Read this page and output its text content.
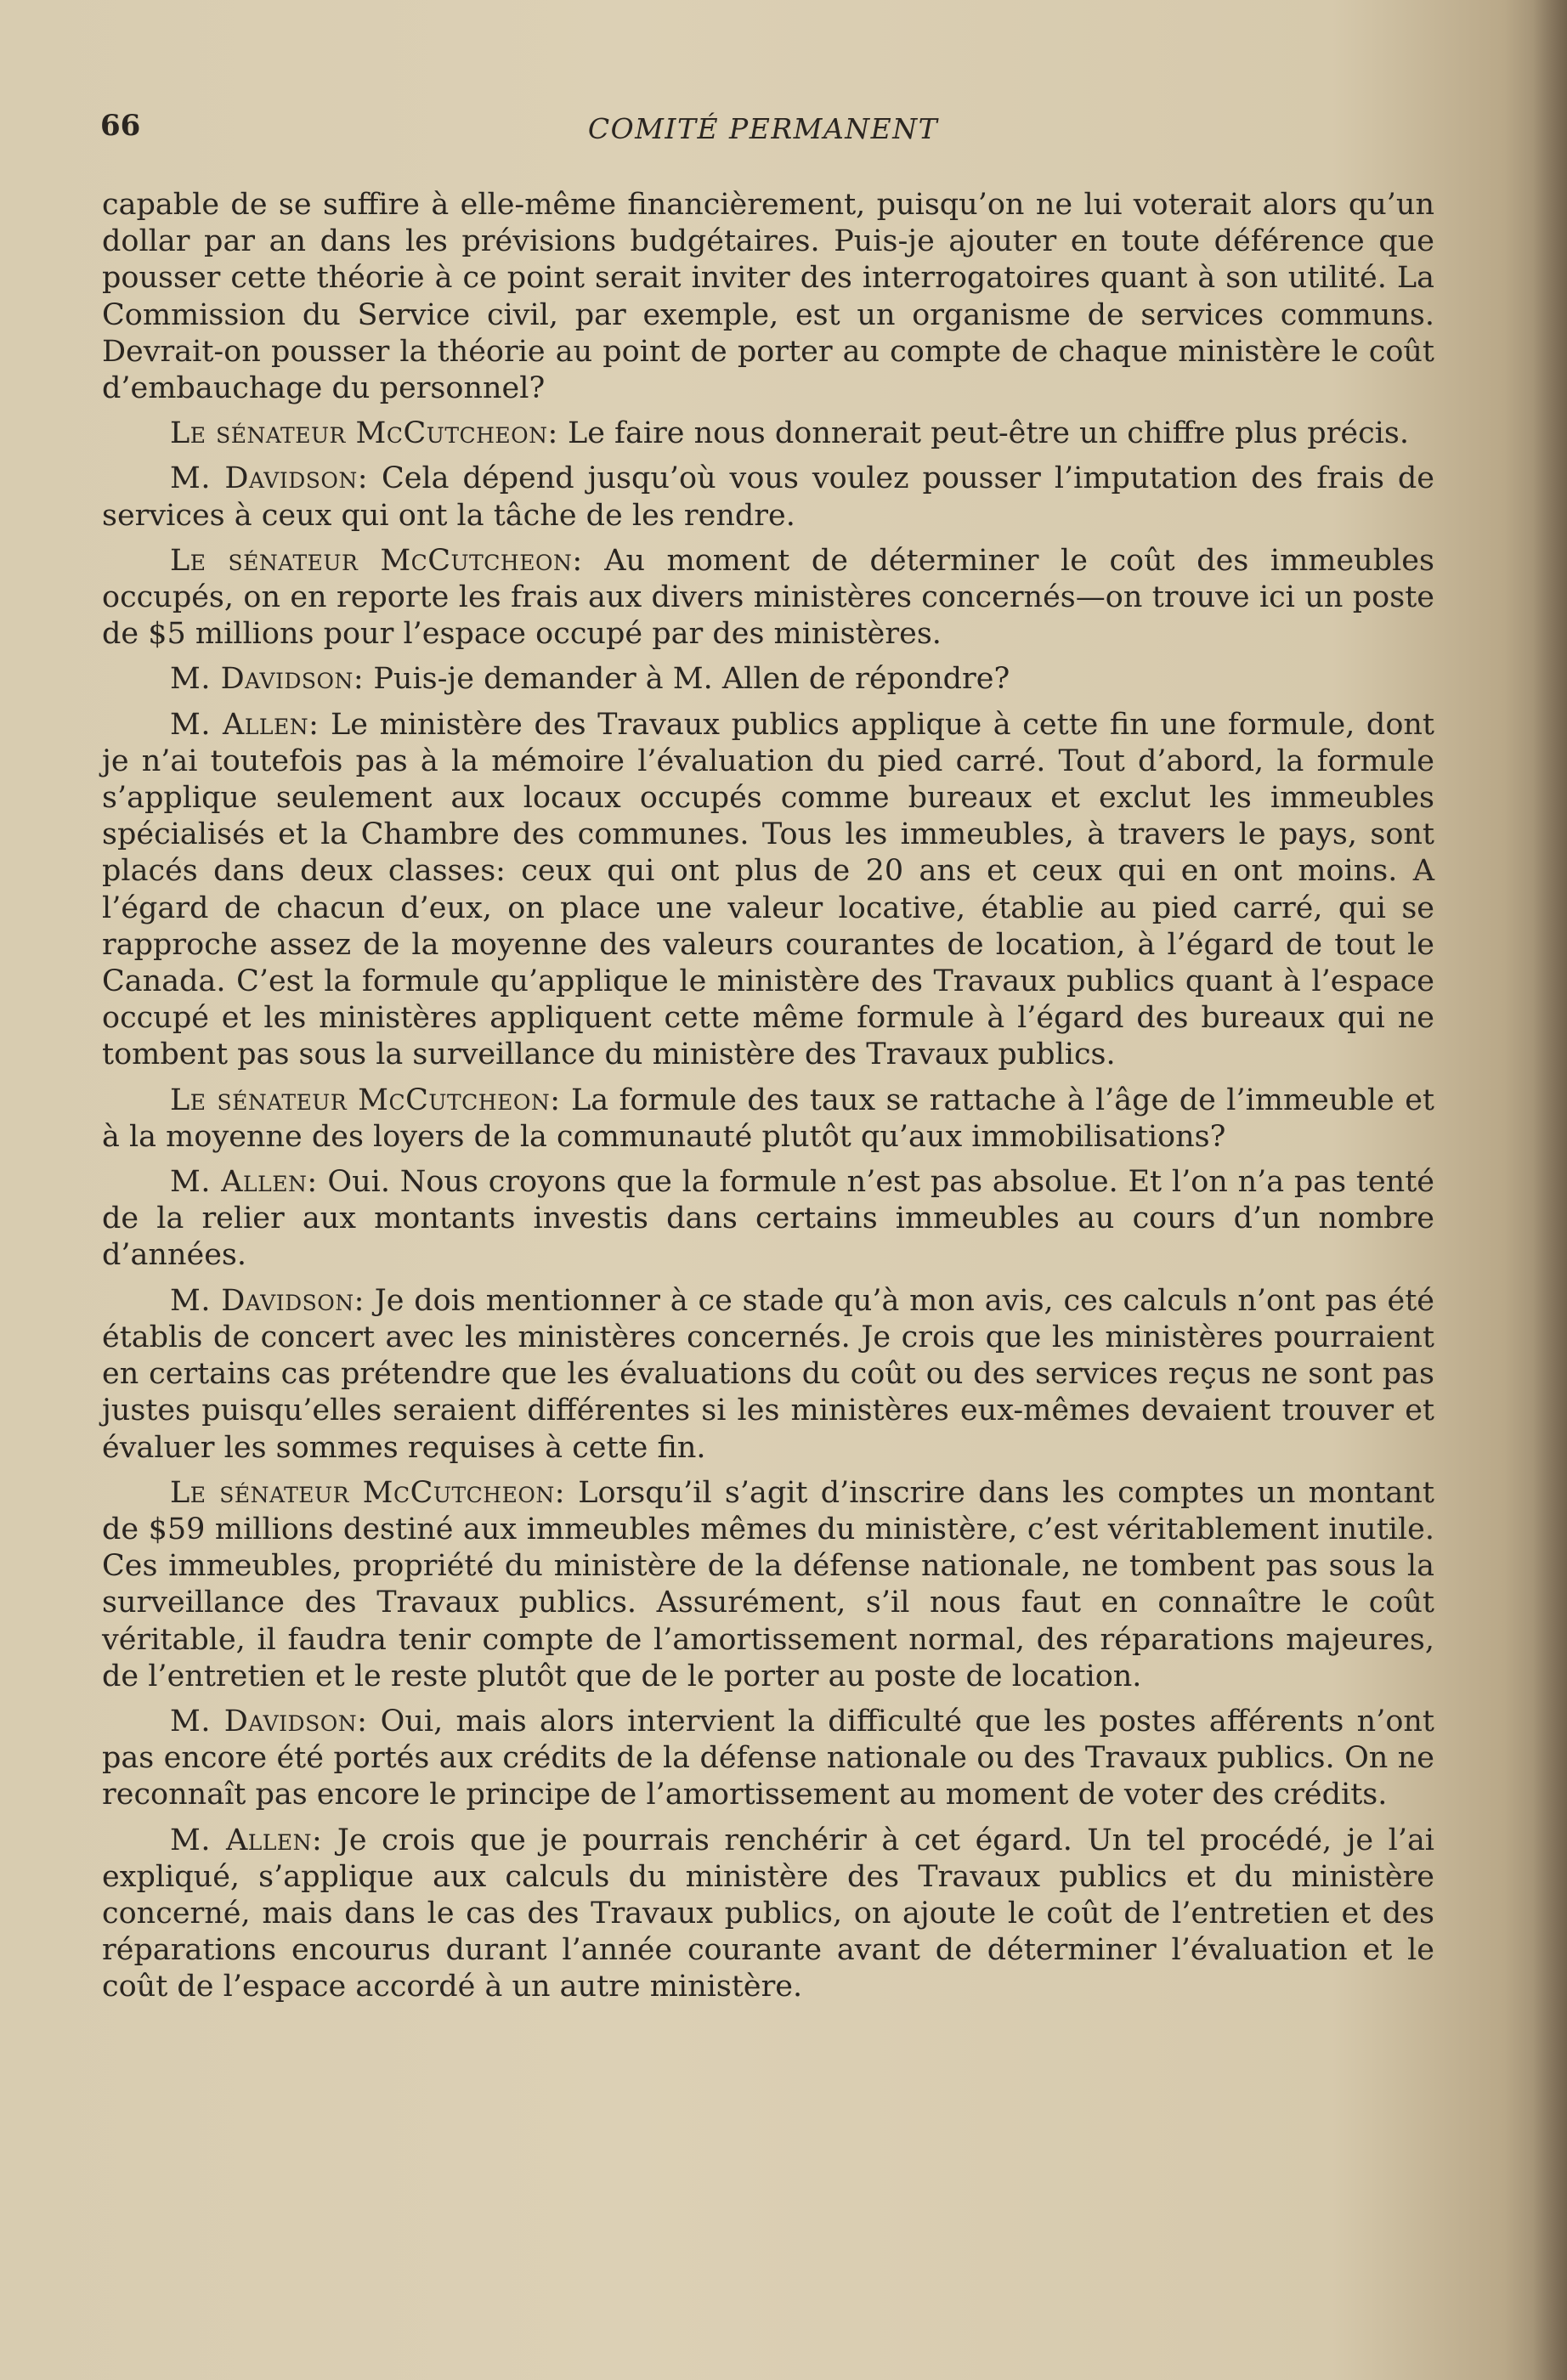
66	COMITÉ PERMANENT

capable de se suffire à elle-même financièrement, puisqu’on ne lui voterait alors qu’un dollar par an dans les prévisions budgétaires. Puis-je ajouter en toute déférence que pousser cette théorie à ce point serait inviter des interrogatoires quant à son utilité. La Commission du Service civil, par exemple, est un organisme de services communs. Devrait-on pousser la théorie au point de porter au compte de chaque ministère le coût d’embauchage du personnel?

Le sénateur McCutcheon: Le faire nous donnerait peut-être un chiffre plus précis.

M. Davidson: Cela dépend jusqu’où vous voulez pousser l’imputation des frais de services à ceux qui ont la tâche de les rendre.

Le sénateur McCutcheon: Au moment de déterminer le coût des immeubles occupés, on en reporte les frais aux divers ministères concernés—on trouve ici un poste de $5 millions pour l’espace occupé par des ministères.

M. Davidson: Puis-je demander à M. Allen de répondre?

M. Allen: Le ministère des Travaux publics applique à cette fin une formule, dont je n’ai toutefois pas à la mémoire l’évaluation du pied carré. Tout d’abord, la formule s’applique seulement aux locaux occupés comme bureaux et exclut les immeubles spécialisés et la Chambre des communes. Tous les immeubles, à travers le pays, sont placés dans deux classes: ceux qui ont plus de 20 ans et ceux qui en ont moins. A l’égard de chacun d’eux, on place une valeur locative, établie au pied carré, qui se rapproche assez de la moyenne des valeurs courantes de location, à l’égard de tout le Canada. C’est la formule qu’applique le ministère des Travaux publics quant à l’espace occupé et les ministères appliquent cette même formule à l’égard des bureaux qui ne tombent pas sous la surveillance du ministère des Travaux publics.

Le sénateur McCutcheon: La formule des taux se rattache à l’âge de l’immeuble et à la moyenne des loyers de la communauté plutôt qu’aux immobilisations?

M. Allen: Oui. Nous croyons que la formule n’est pas absolue. Et l’on n’a pas tenté de la relier aux montants investis dans certains immeubles au cours d’un nombre d’années.

M. Davidson: Je dois mentionner à ce stade qu’à mon avis, ces calculs n’ont pas été établis de concert avec les ministères concernés. Je crois que les ministères pourraient en certains cas prétendre que les évaluations du coût ou des services reçus ne sont pas justes puisqu’elles seraient différentes si les ministères eux-mêmes devaient trouver et évaluer les sommes requises à cette fin.

Le sénateur McCutcheon: Lorsqu’il s’agit d’inscrire dans les comptes un montant de $59 millions destiné aux immeubles mêmes du ministère, c’est véritablement inutile. Ces immeubles, propriété du ministère de la défense nationale, ne tombent pas sous la surveillance des Travaux publics. Assurément, s’il nous faut en connaître le coût véritable, il faudra tenir compte de l’amortissement normal, des réparations majeures, de l’entretien et le reste plutôt que de le porter au poste de location.

M. Davidson: Oui, mais alors intervient la difficulté que les postes afférents n’ont pas encore été portés aux crédits de la défense nationale ou des Travaux publics. On ne reconnaît pas encore le principe de l’amortissement au moment de voter des crédits.

M. Allen: Je crois que je pourrais renchérir à cet égard. Un tel procédé, je l’ai expliqué, s’applique aux calculs du ministère des Travaux publics et du ministère concerné, mais dans le cas des Travaux publics, on ajoute le coût de l’entretien et des réparations encourus durant l’année courante avant de déterminer l’évaluation et le coût de l’espace accordé à un autre ministère.
